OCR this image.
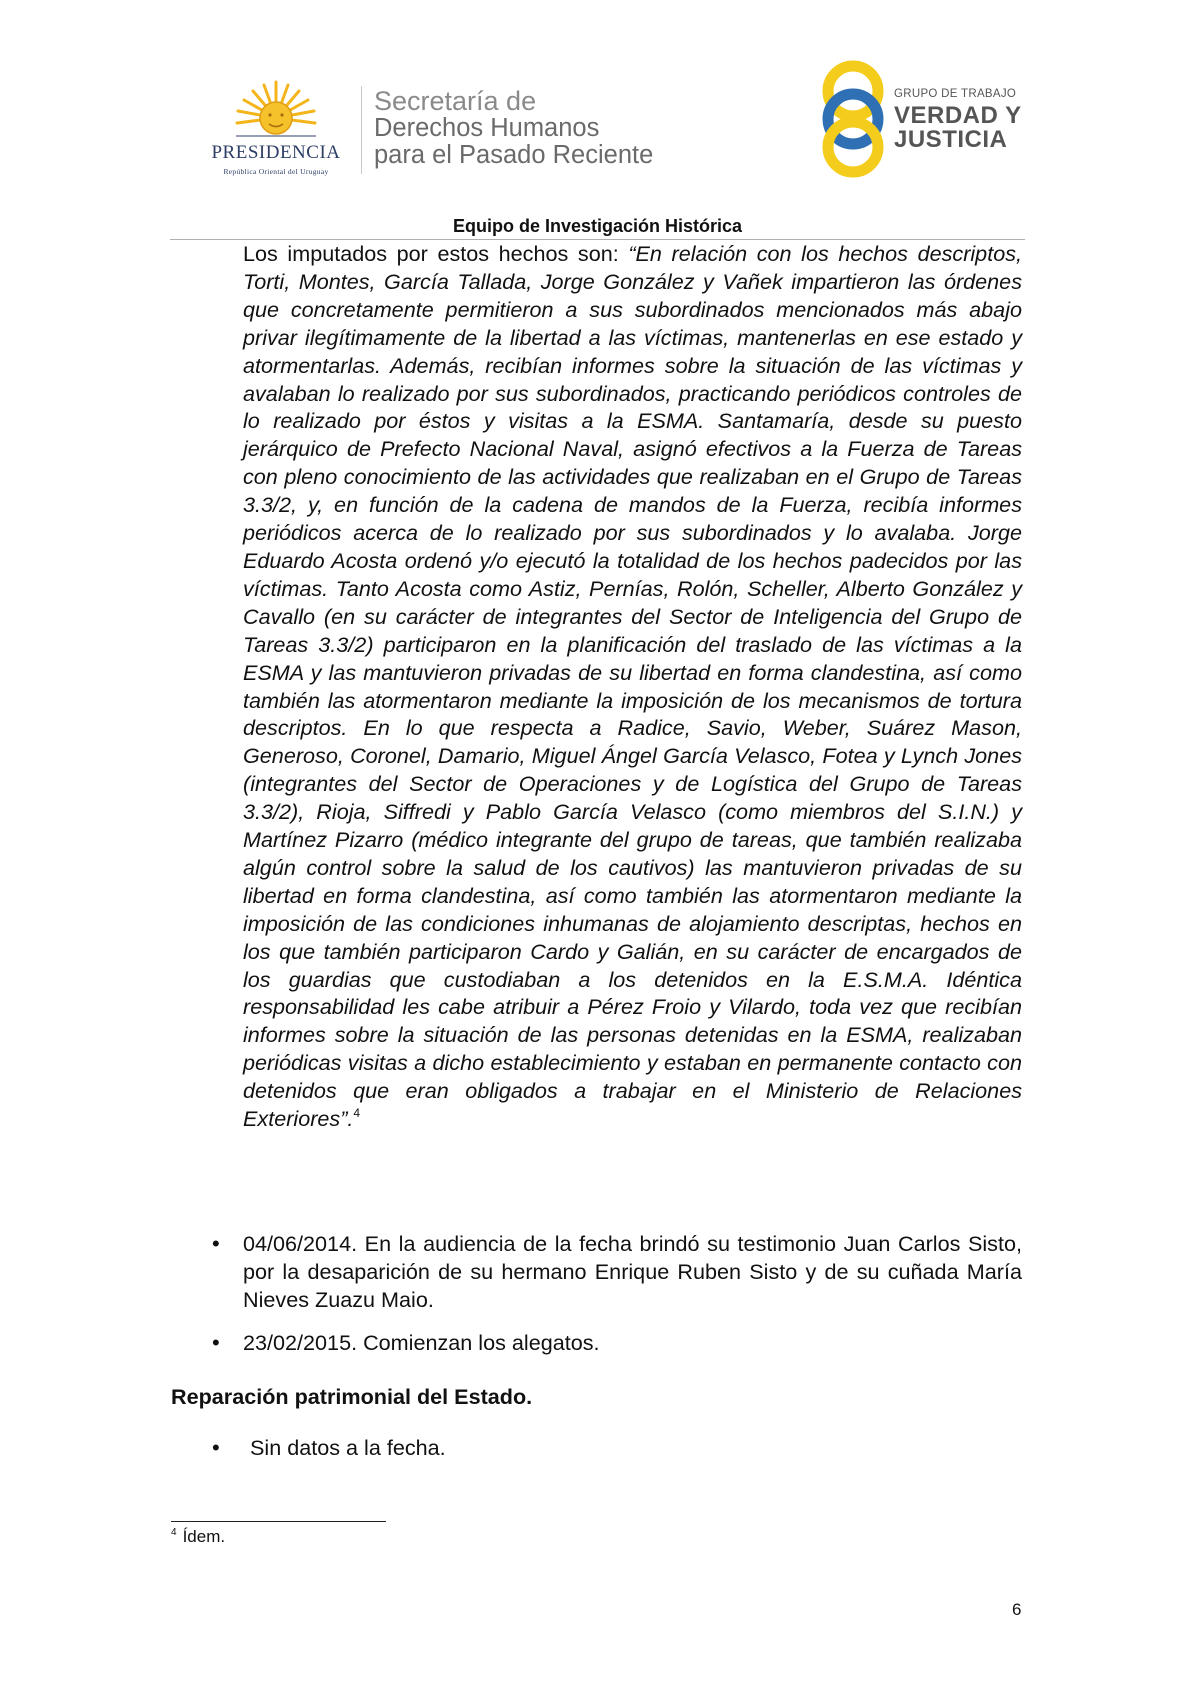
PRESIDENCIA
República Oriental del Uruguay
Secretaría de
Derechos Humanos
para el Pasado Reciente
GRUPO DE TRABAJO
VERDAD Y
JUSTICIA
Equipo de Investigación Histórica
Los imputados por estos hechos son: “En relación con los hechos descriptos, Torti, Montes, García Tallada, Jorge González y Vañek impartieron las órdenes que concretamente permitieron a sus subordinados mencionados más abajo privar ilegítimamente de la libertad a las víctimas, mantenerlas en ese estado y atormentarlas. Además, recibían informes sobre la situación de las víctimas y avalaban lo realizado por sus subordinados, practicando periódicos controles de lo realizado por éstos y visitas a la ESMA. Santamaría, desde su puesto jerárquico de Prefecto Nacional Naval, asignó efectivos a la Fuerza de Tareas con pleno conocimiento de las actividades que realizaban en el Grupo de Tareas 3.3/2, y, en función de la cadena de mandos de la Fuerza, recibía informes periódicos acerca de lo realizado por sus subordinados y lo avalaba. Jorge Eduardo Acosta ordenó y/o ejecutó la totalidad de los hechos padecidos por las víctimas. Tanto Acosta como Astiz, Pernías, Rolón, Scheller, Alberto González y Cavallo (en su carácter de integrantes del Sector de Inteligencia del Grupo de Tareas 3.3/2) participaron en la planificación del traslado de las víctimas a la ESMA y las mantuvieron privadas de su libertad en forma clandestina, así como también las atormentaron mediante la imposición de los mecanismos de tortura descriptos. En lo que respecta a Radice, Savio, Weber, Suárez Mason, Generoso, Coronel, Damario, Miguel Ángel García Velasco, Fotea y Lynch Jones (integrantes del Sector de Operaciones y de Logística del Grupo de Tareas 3.3/2), Rioja, Siffredi y Pablo García Velasco (como miembros del S.I.N.) y Martínez Pizarro (médico integrante del grupo de tareas, que también realizaba algún control sobre la salud de los cautivos) las mantuvieron privadas de su libertad en forma clandestina, así como también las atormentaron mediante la imposición de las condiciones inhumanas de alojamiento descriptas, hechos en los que también participaron Cardo y Galián, en su carácter de encargados de los guardias que custodiaban a los detenidos en la E.S.M.A. Idéntica responsabilidad les cabe atribuir a Pérez Froio y Vilardo, toda vez que recibían informes sobre la situación de las personas detenidas en la ESMA, realizaban periódicas visitas a dicho establecimiento y estaban en permanente contacto con detenidos que eran obligados a trabajar en el Ministerio de Relaciones Exteriores”.$^4$
• 04/06/2014. En la audiencia de la fecha brindó su testimonio Juan Carlos Sisto, por la desaparición de su hermano Enrique Ruben Sisto y de su cuñada María Nieves Zuazu Maio.
• 23/02/2015. Comienzan los alegatos.
Reparación patrimonial del Estado.
• Sin datos a la fecha.
$^4$ Ídem.
6
